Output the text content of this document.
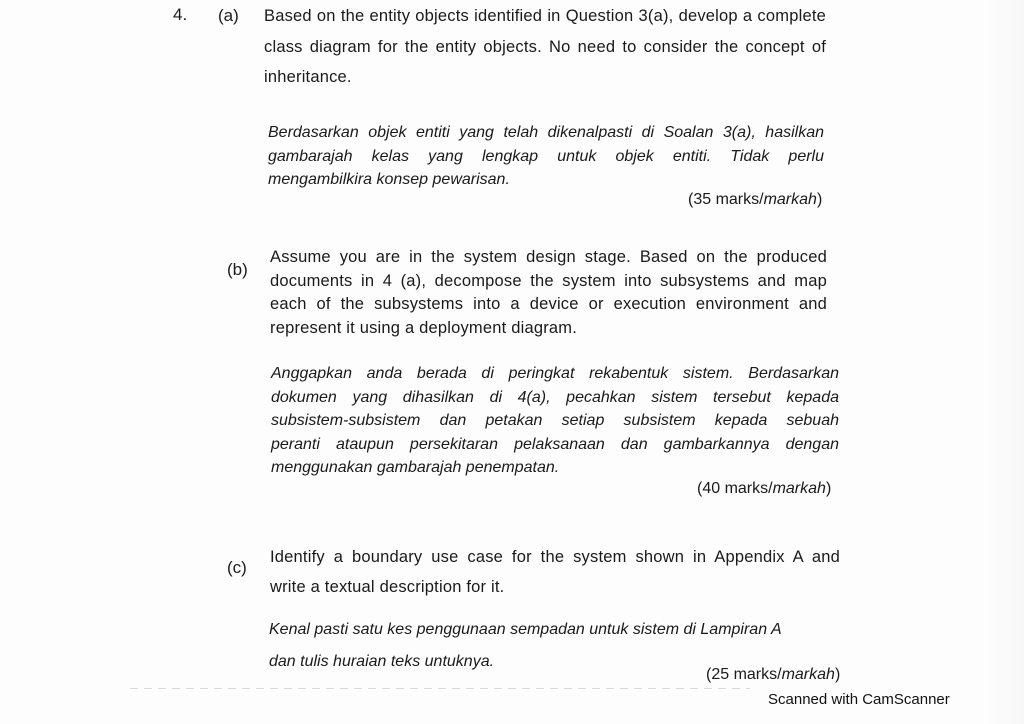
4. (a) Based on the entity objects identified in Question 3(a), develop a complete
class diagram for the entity objects. No need to consider the concept of
inheritance.
Berdasarkan objek entiti yang telah dikenalpasti di Soalan 3(a), hasilkan
gambarajah kelas yang lengkap untuk objek entiti. Tidak perlu
mengambilkira konsep pewarisan.
(35 marks/markah)
(b)
Assume you are in the system design stage. Based on the produced
documents in 4 (a), decompose the system into subsystems and map
each of the subsystems into a device or execution environment and
represent it using a deployment diagram.
Anggapkan anda berada di peringkat rekabentuk sistem. Berdasarkan
dokumen yang dihasilkan di 4(a), pecahkan sistem tersebut kepada
subsistem-subsistem dan petakan setiap subsistem kepada sebuah
peranti ataupun persekitaran pelaksanaan dan gambarkannya dengan
menggunakan gambarajah penempatan.
(40 marks/markah)
(c)
Identify a boundary use case for the system shown in Appendix A and
write a textual description for it.
Kenal pasti satu kes penggunaan sempadan untuk sistem di Lampiran A
dan tulis huraian teks untuknya.
(25 marks/markah)
Scanned with CamScanner
